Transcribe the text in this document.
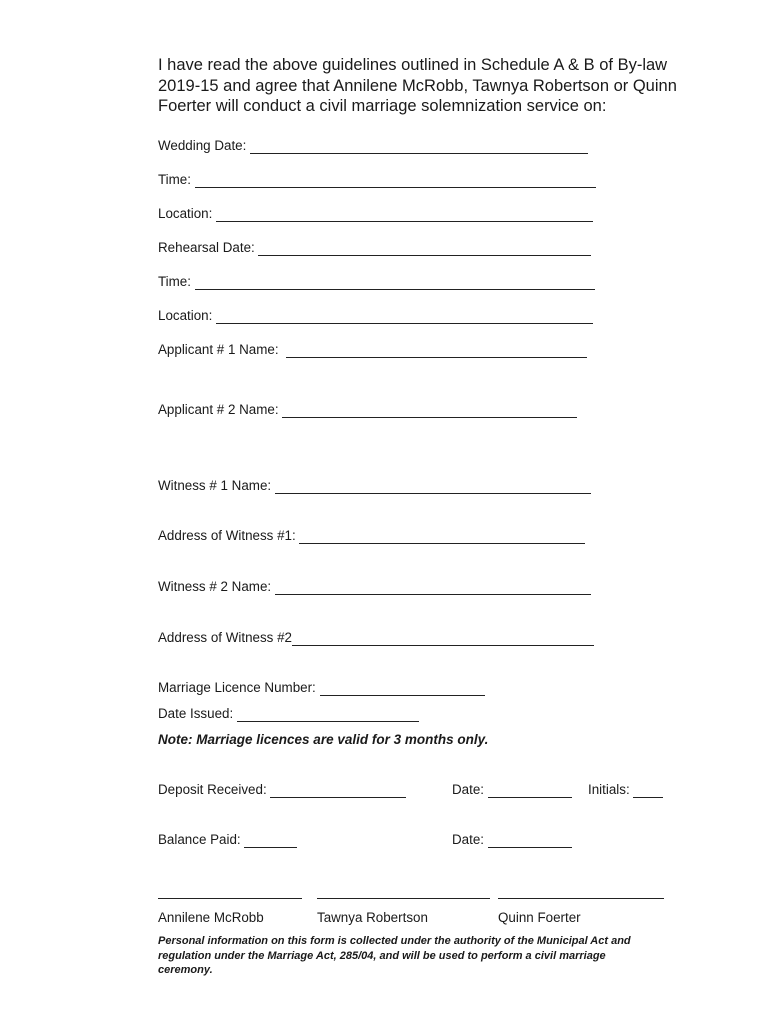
I have read the above guidelines outlined in Schedule A & B of By-law 2019-15 and agree that Annilene McRobb, Tawnya Robertson or Quinn Foerter will conduct a civil marriage solemnization service on:

Wedding Date:
Time:
Location:
Rehearsal Date:
Time:
Location:
Applicant # 1 Name:
Applicant # 2 Name:
Witness # 1 Name:
Address of Witness #1:
Witness # 2 Name:
Address of Witness #2
Marriage Licence Number:
Date Issued:

Note: Marriage licences are valid for 3 months only.

Deposit Received:	Date:	Initials:
Balance Paid:	Date:
Annilene McRobb	Tawnya Robertson	Quinn Foerter

Personal information on this form is collected under the authority of the Municipal Act and regulation under the Marriage Act, 285/04, and will be used to perform a civil marriage ceremony.
